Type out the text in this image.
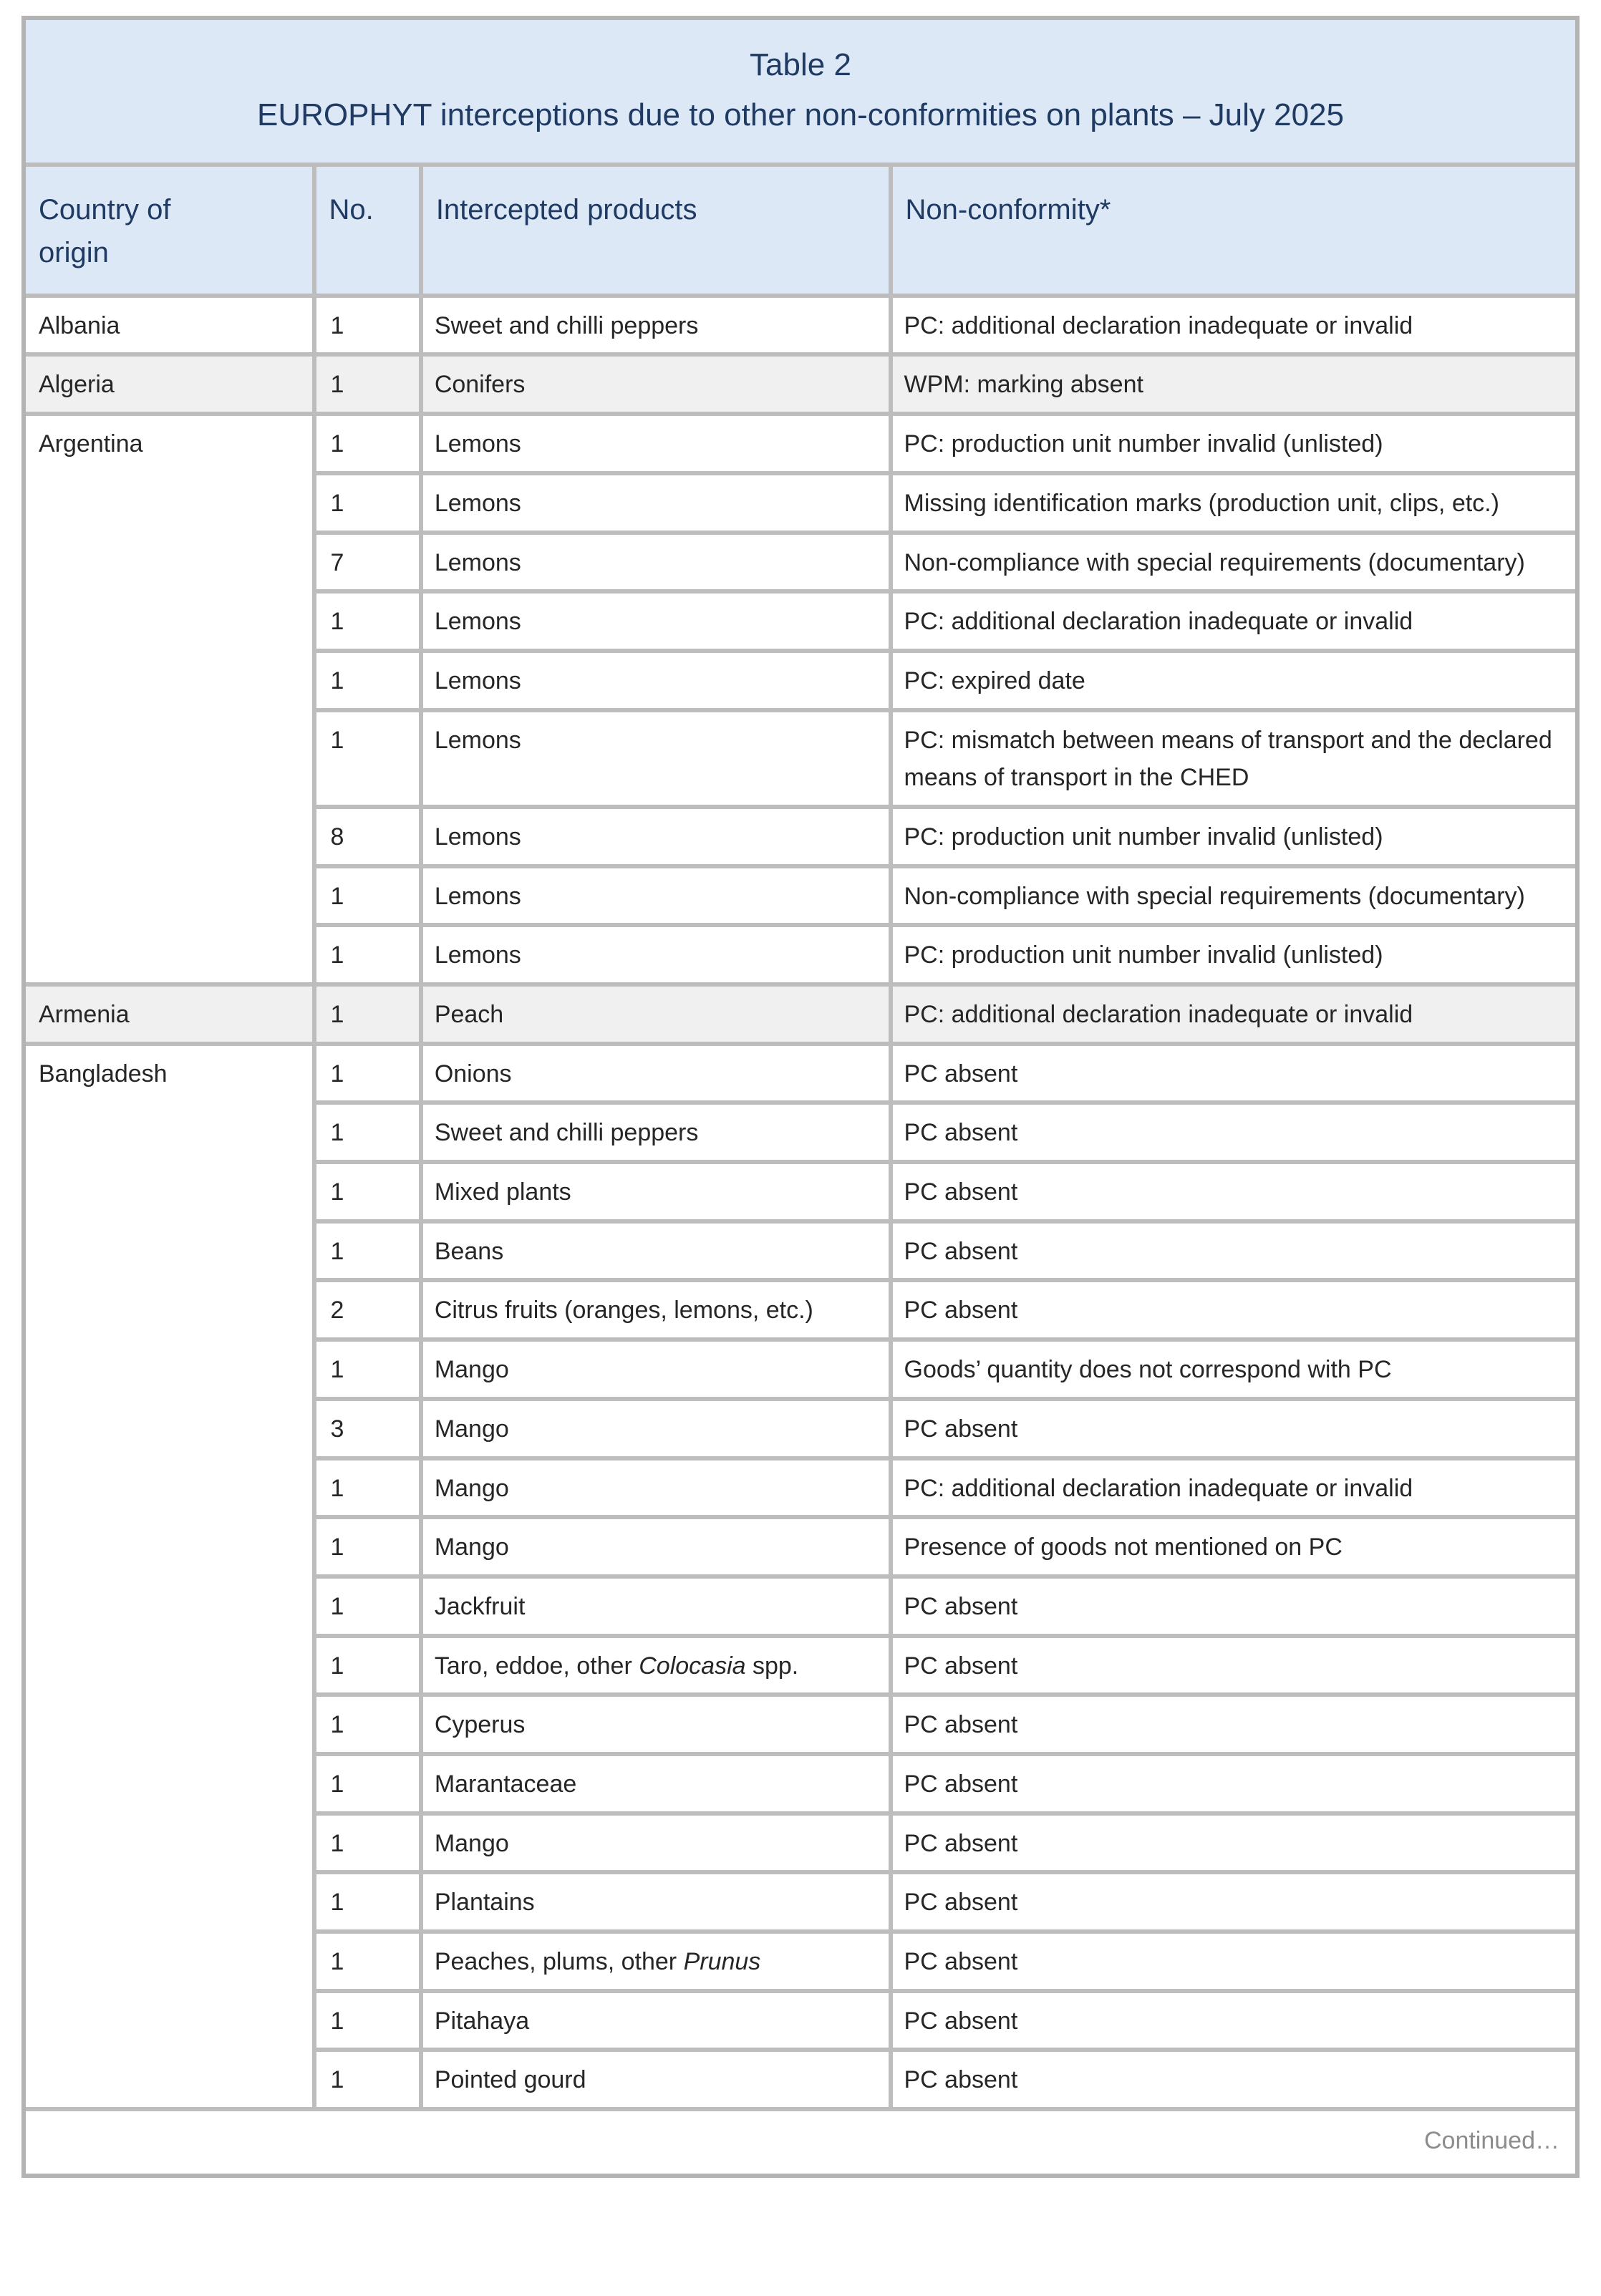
Table 2
EUROPHYT interceptions due to other non-conformities on plants – July 2025
Country of origin	No.	Intercepted products	Non-conformity*
Albania	1	Sweet and chilli peppers	PC: additional declaration inadequate or invalid
Algeria	1	Conifers	WPM: marking absent
Argentina	1	Lemons	PC: production unit number invalid (unlisted)
	1	Lemons	Missing identification marks (production unit, clips, etc.)
	7	Lemons	Non-compliance with special requirements (documentary)
	1	Lemons	PC: additional declaration inadequate or invalid
	1	Lemons	PC: expired date
	1	Lemons	PC: mismatch between means of transport and the declared means of transport in the CHED
	8	Lemons	PC: production unit number invalid (unlisted)
	1	Lemons	Non-compliance with special requirements (documentary)
	1	Lemons	PC: production unit number invalid (unlisted)
Armenia	1	Peach	PC: additional declaration inadequate or invalid
Bangladesh	1	Onions	PC absent
	1	Sweet and chilli peppers	PC absent
	1	Mixed plants	PC absent
	1	Beans	PC absent
	2	Citrus fruits (oranges, lemons, etc.)	PC absent
	1	Mango	Goods’ quantity does not correspond with PC
	3	Mango	PC absent
	1	Mango	PC: additional declaration inadequate or invalid
	1	Mango	Presence of goods not mentioned on PC
	1	Jackfruit	PC absent
	1	Taro, eddoe, other Colocasia spp.	PC absent
	1	Cyperus	PC absent
	1	Marantaceae	PC absent
	1	Mango	PC absent
	1	Plantains	PC absent
	1	Peaches, plums, other Prunus	PC absent
	1	Pitahaya	PC absent
	1	Pointed gourd	PC absent
Continued…
